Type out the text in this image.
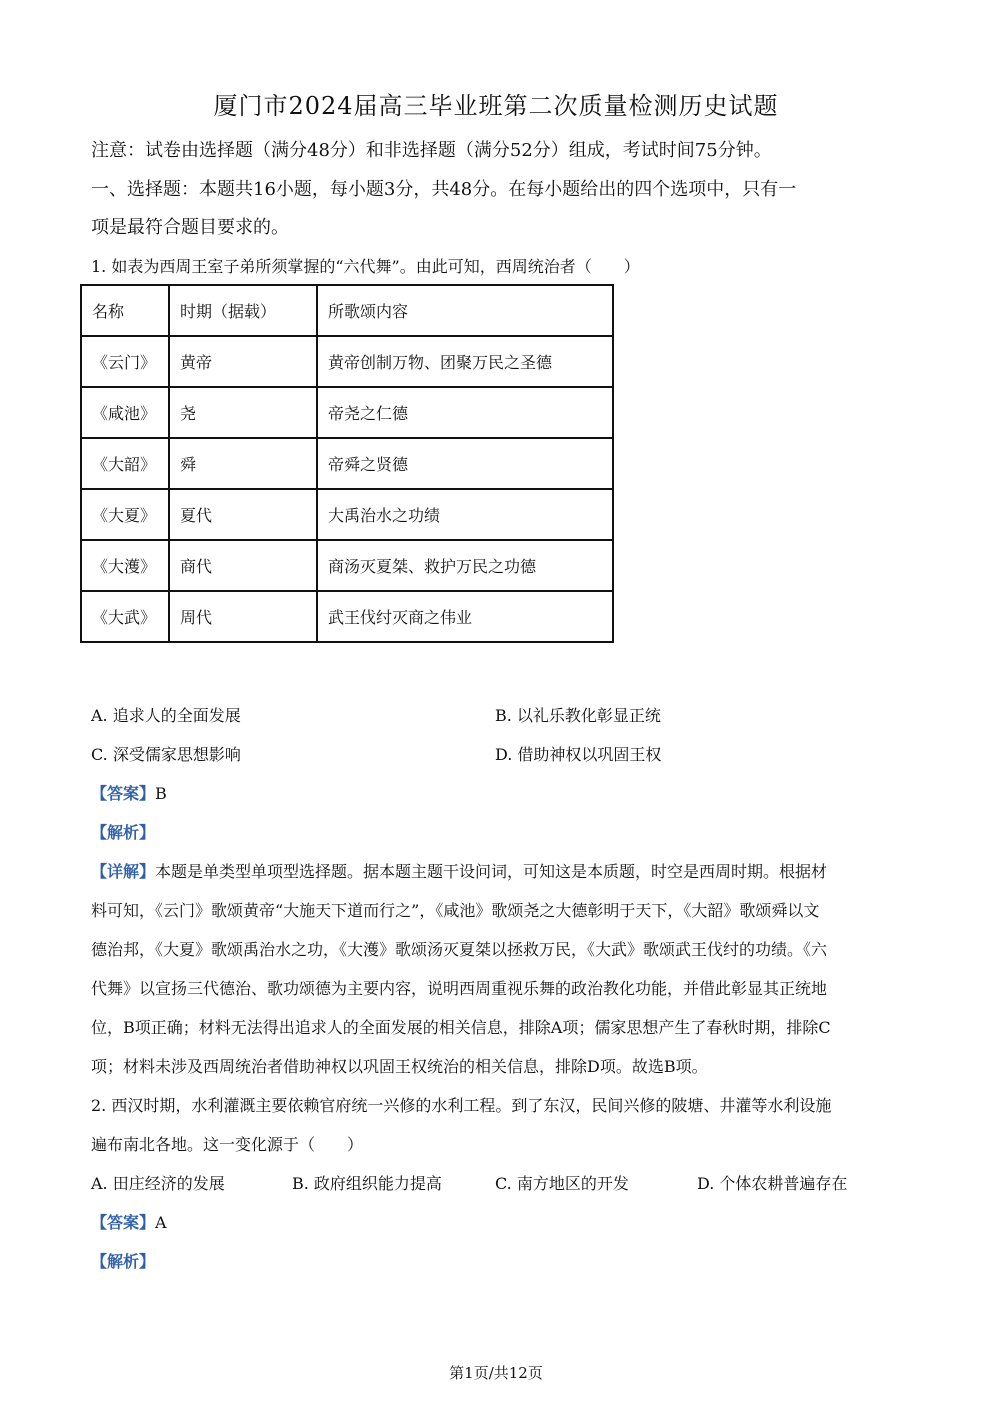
厦门市2024届高三毕业班第二次质量检测历史试题
注意：试卷由选择题（满分48分）和非选择题（满分52分）组成，考试时间75分钟。
一、选择题：本题共16小题，每小题3分，共48分。在每小题给出的四个选项中，只有一
项是最符合题目要求的。
1. 如表为西周王室子弟所须掌握的“六代舞”。由此可知，西周统治者（　　）
名称	时期（据载）	所歌颂内容
《云门》	黄帝	黄帝创制万物、团聚万民之圣德
《咸池》	尧	帝尧之仁德
《大韶》	舜	帝舜之贤德
《大夏》	夏代	大禹治水之功绩
《大濩》	商代	商汤灭夏桀、救护万民之功德
《大武》	周代	武王伐纣灭商之伟业
A. 追求人的全面发展	B. 以礼乐教化彰显正统
C. 深受儒家思想影响	D. 借助神权以巩固王权
【答案】B
【解析】
【详解】本题是单类型单项型选择题。据本题主题干设问词，可知这是本质题，时空是西周时期。根据材
料可知，《云门》歌颂黄帝“大施天下道而行之”，《咸池》歌颂尧之大德彰明于天下，《大韶》歌颂舜以文
德治邦，《大夏》歌颂禹治水之功，《大濩》歌颂汤灭夏桀以拯救万民，《大武》歌颂武王伐纣的功绩。《六
代舞》以宣扬三代德治、歌功颂德为主要内容，说明西周重视乐舞的政治教化功能，并借此彰显其正统地
位，B项正确；材料无法得出追求人的全面发展的相关信息，排除A项；儒家思想产生了春秋时期，排除C
项；材料未涉及西周统治者借助神权以巩固王权统治的相关信息，排除D项。故选B项。
2. 西汉时期，水利灌溉主要依赖官府统一兴修的水利工程。到了东汉，民间兴修的陂塘、井灌等水利设施
遍布南北各地。这一变化源于（　　）
A. 田庄经济的发展	B. 政府组织能力提高	C. 南方地区的开发	D. 个体农耕普遍存在
【答案】A
【解析】
第1页/共12页
